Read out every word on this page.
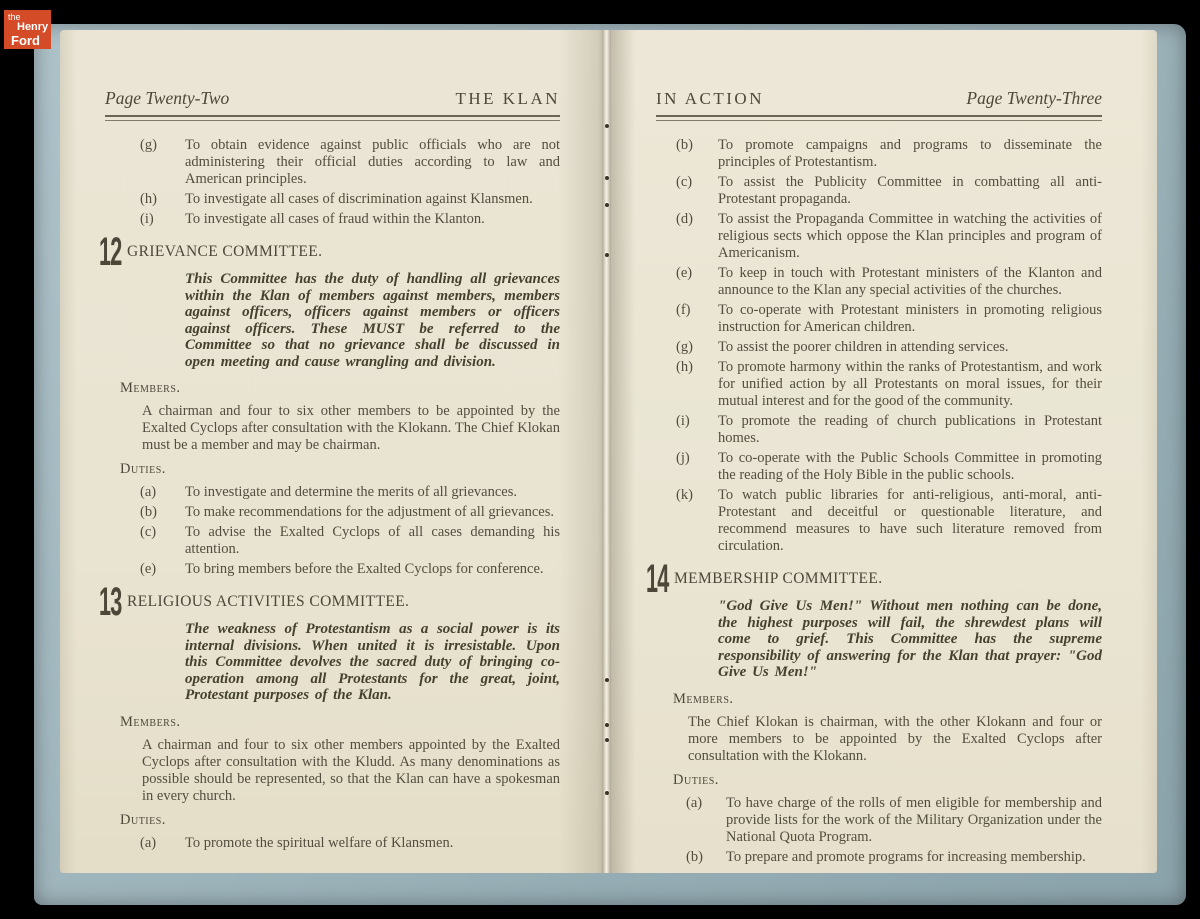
Page Twenty-Two	THE KLAN
(g)	To obtain evidence against public officials who are not administering their official duties according to law and American principles.
(h)	To investigate all cases of discrimination against Klansmen.
(i)	To investigate all cases of fraud within the Klanton.
12 GRIEVANCE COMMITTEE.

This Committee has the duty of handling all grievances within the Klan of members against members, members against officers, officers against members or officers against officers. These MUST be referred to the Committee so that no grievance shall be discussed in open meeting and cause wrangling and division.

Members.

A chairman and four to six other members to be appointed by the Exalted Cyclops after consultation with the Klokann. The Chief Klokan must be a member and may be chairman.

Duties.
(a)	To investigate and determine the merits of all grievances.
(b)	To make recommendations for the adjustment of all grievances.
(c)	To advise the Exalted Cyclops of all cases demanding his attention.
(e)	To bring members before the Exalted Cyclops for conference.
13 RELIGIOUS ACTIVITIES COMMITTEE.

The weakness of Protestantism as a social power is its internal divisions. When united it is irresistable. Upon this Committee devolves the sacred duty of bringing co-operation among all Protestants for the great, joint, Protestant purposes of the Klan.

Members.

A chairman and four to six other members appointed by the Exalted Cyclops after consultation with the Kludd. As many denominations as possible should be represented, so that the Klan can have a spokesman in every church.

Duties.
(a)	To promote the spiritual welfare of Klansmen.
IN ACTION	Page Twenty-Three
(b)	To promote campaigns and programs to disseminate the principles of Protestantism.
(c)	To assist the Publicity Committee in combatting all anti-Protestant propaganda.
(d)	To assist the Propaganda Committee in watching the activities of religious sects which oppose the Klan principles and program of Americanism.
(e)	To keep in touch with Protestant ministers of the Klanton and announce to the Klan any special activities of the churches.
(f)	To co-operate with Protestant ministers in promoting religious instruction for American children.
(g)	To assist the poorer children in attending services.
(h)	To promote harmony within the ranks of Protestantism, and work for unified action by all Protestants on moral issues, for their mutual interest and for the good of the community.
(i)	To promote the reading of church publications in Protestant homes.
(j)	To co-operate with the Public Schools Committee in promoting the reading of the Holy Bible in the public schools.
(k)	To watch public libraries for anti-religious, anti-moral, anti-Protestant and deceitful or questionable literature, and recommend measures to have such literature removed from circulation.
14 MEMBERSHIP COMMITTEE.

"God Give Us Men!" Without men nothing can be done, the highest purposes will fail, the shrewdest plans will come to grief. This Committee has the supreme responsibility of answering for the Klan that prayer: "God Give Us Men!"

Members.

The Chief Klokan is chairman, with the other Klokann and four or more members to be appointed by the Exalted Cyclops after consultation with the Klokann.

Duties.
(a)	To have charge of the rolls of men eligible for membership and provide lists for the work of the Military Organization under the National Quota Program.
(b)	To prepare and promote programs for increasing membership.
the
Henry
Ford
